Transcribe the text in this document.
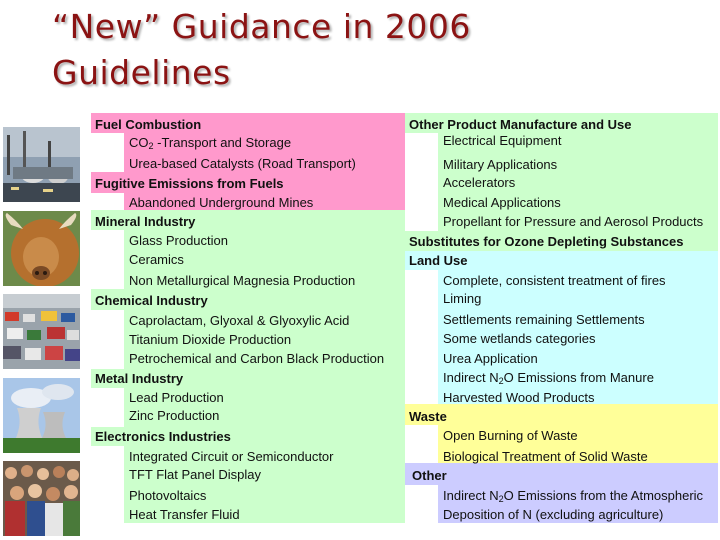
“New” Guidance in 2006
Guidelines
Fuel Combustion
$CO_2$ -Transport and Storage
Urea-based Catalysts (Road Transport)
Fugitive Emissions from Fuels
Abandoned Underground Mines
Mineral Industry
Glass Production
Ceramics
Non Metallurgical Magnesia Production
Chemical Industry
Caprolactam, Glyoxal & Glyoxylic Acid
Titanium Dioxide Production
Petrochemical and Carbon Black Production
Metal Industry
Lead Production
Zinc Production
Electronics Industries
Integrated Circuit or Semiconductor
TFT Flat Panel Display
Photovoltaics
Heat Transfer Fluid
Other Product Manufacture and Use
Electrical Equipment
Military Applications
Accelerators
Medical Applications
Propellant for Pressure and Aerosol Products
Substitutes for Ozone Depleting Substances
Land Use
Complete, consistent treatment of fires
Liming
Settlements remaining Settlements
Some wetlands categories
Urea Application
Indirect $N_2O$ Emissions from Manure
Harvested Wood Products
Waste
Open Burning of Waste
Biological Treatment of Solid Waste
Other
Indirect $N_2O$ Emissions from the Atmospheric
Deposition of N (excluding agriculture)
